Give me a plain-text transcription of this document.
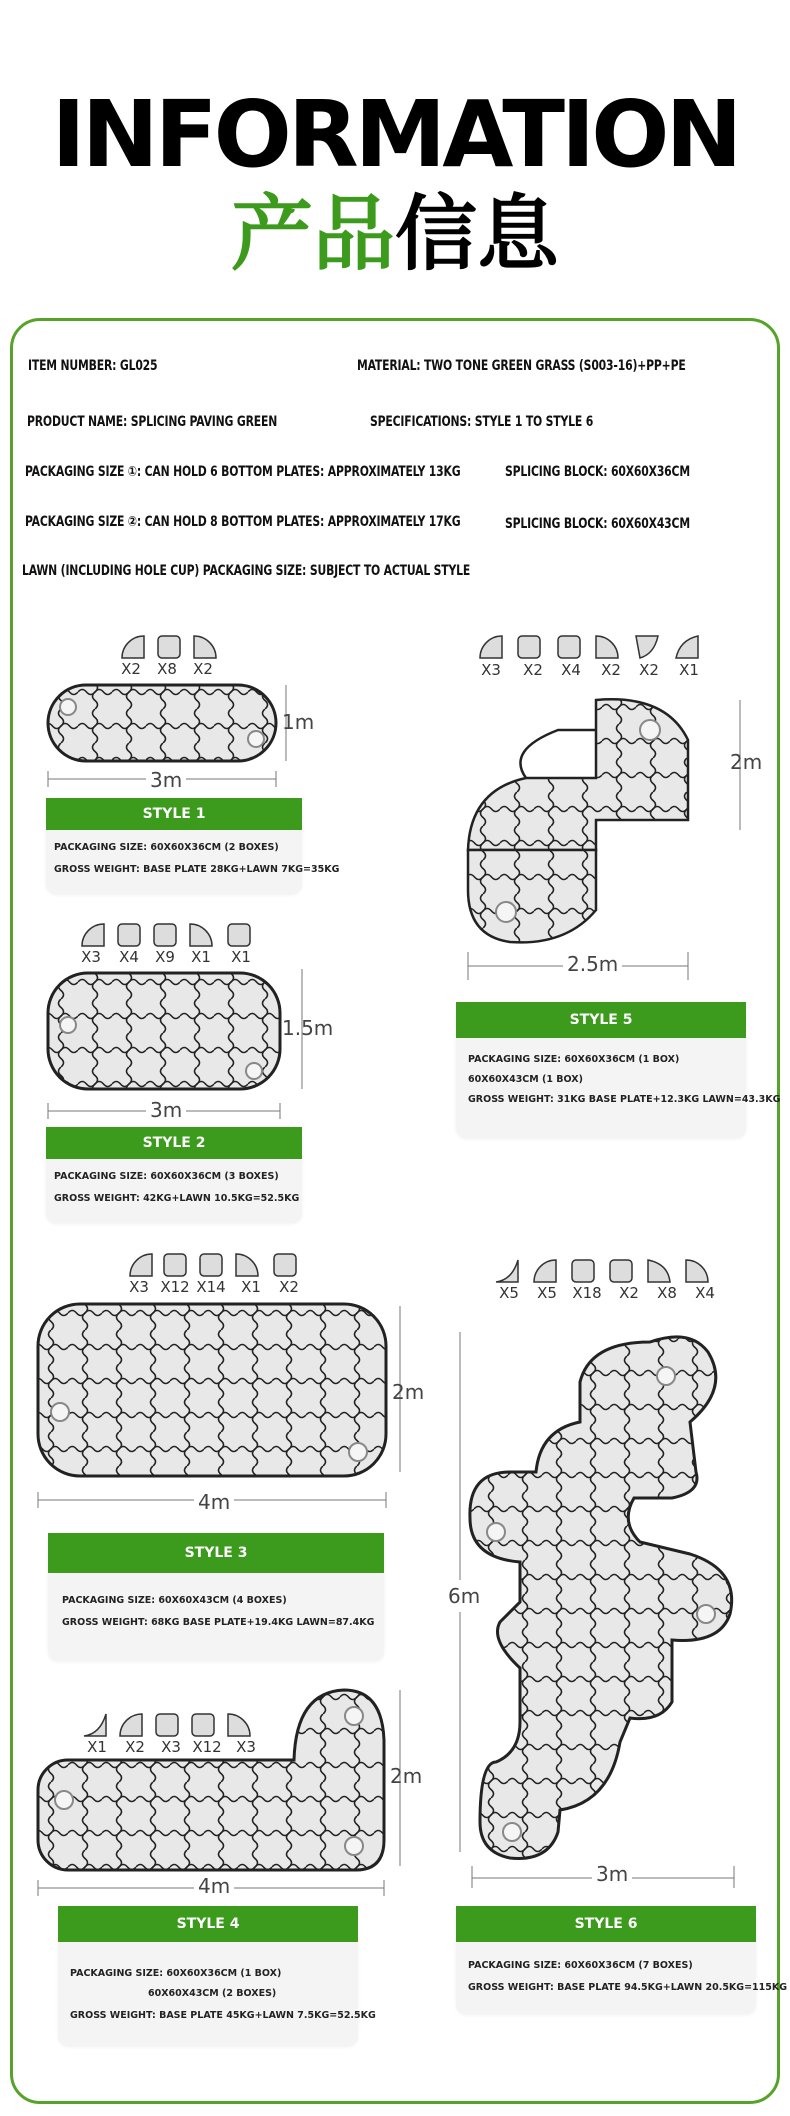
INFORMATION
产品信息
ITEM NUMBER: GL025	MATERIAL: TWO TONE GREEN GRASS (S003-16)+PP+PE
PRODUCT NAME: SPLICING PAVING GREEN	SPECIFICATIONS: STYLE 1 TO STYLE 6
PACKAGING SIZE ①: CAN HOLD 6 BOTTOM PLATES: APPROXIMATELY 13KG	SPLICING BLOCK: 60X60X36CM
PACKAGING SIZE ②: CAN HOLD 8 BOTTOM PLATES: APPROXIMATELY 17KG	SPLICING BLOCK: 60X60X43CM
LAWN (INCLUDING HOLE CUP) PACKAGING SIZE: SUBJECT TO ACTUAL STYLE
X2	X8	X2
1m
3m
STYLE 1
PACKAGING SIZE: 60X60X36CM (2 BOXES)
GROSS WEIGHT: BASE PLATE 28KG+LAWN 7KG=35KG
X3	X4	X9	X1	X1
1.5m
3m
STYLE 2
PACKAGING SIZE: 60X60X36CM (3 BOXES)
GROSS WEIGHT: 42KG+LAWN 10.5KG=52.5KG
X3 X12 X14	X1	X2
2m
4m
STYLE 3
PACKAGING SIZE: 60X60X43CM (4 BOXES)
GROSS WEIGHT: 68KG BASE PLATE+19.4KG LAWN=87.4KG
X1	X2	X3 X12 X3
2m
4m
STYLE 4
PACKAGING SIZE: 60X60X36CM (1 BOX)
60X60X43CM (2 BOXES)
GROSS WEIGHT: BASE PLATE 45KG+LAWN 7.5KG=52.5KG
X3	X2	X4	X2	X2	X1
2m
2.5m
STYLE 5
PACKAGING SIZE: 60X60X36CM (1 BOX)
60X60X43CM (1 BOX)
GROSS WEIGHT: 31KG BASE PLATE+12.3KG LAWN=43.3KG
X5	X5	X18	X2	X8	X4
6m
3m
STYLE 6
PACKAGING SIZE: 60X60X36CM (7 BOXES)
GROSS WEIGHT: BASE PLATE 94.5KG+LAWN 20.5KG=115KG
